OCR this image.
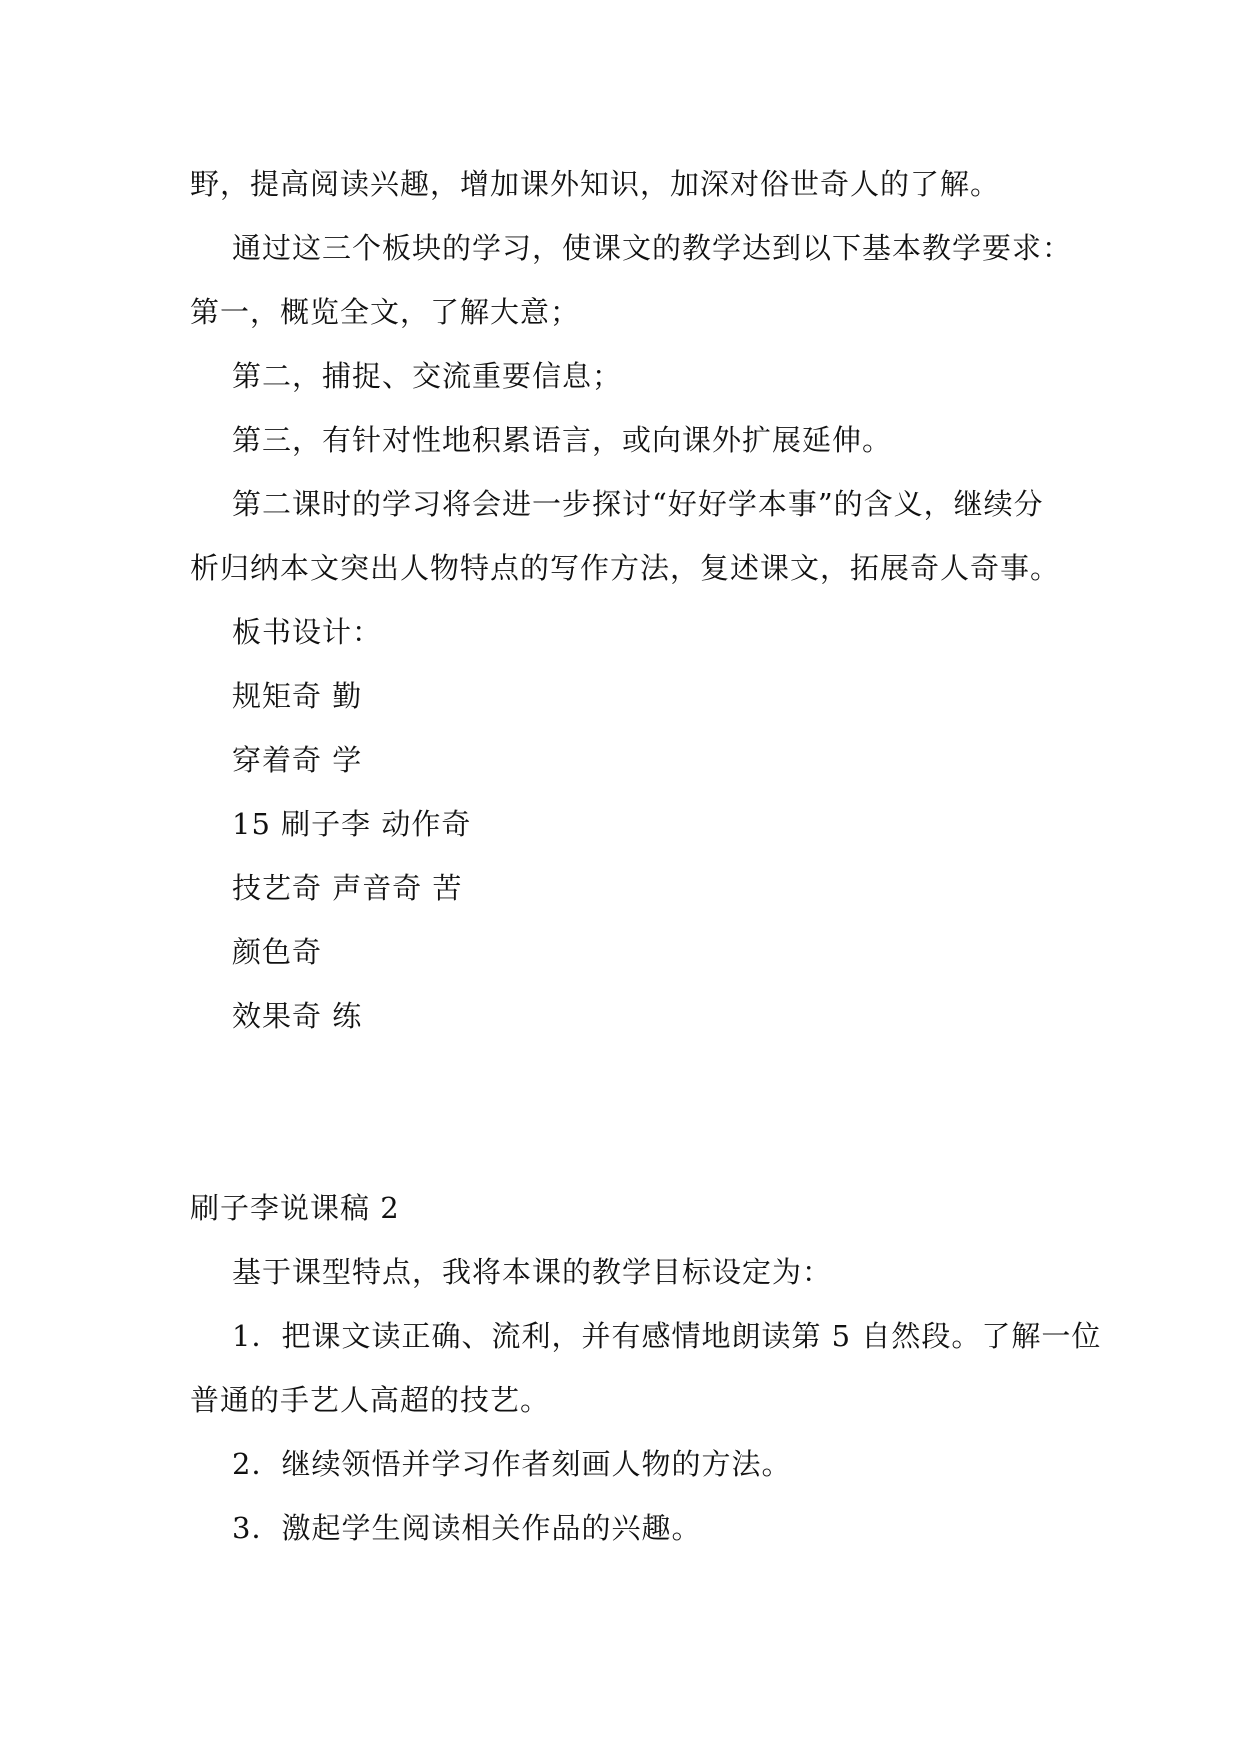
野，提高阅读兴趣，增加课外知识，加深对俗世奇人的了解。
通过这三个板块的学习，使课文的教学达到以下基本教学要求：
第一，概览全文，了解大意；
第二，捕捉、交流重要信息；
第三，有针对性地积累语言，或向课外扩展延伸。
第二课时的学习将会进一步探讨“好好学本事”的含义，继续分
析归纳本文突出人物特点的写作方法，复述课文，拓展奇人奇事。
板书设计：
规矩奇 勤
穿着奇 学
15 刷子李 动作奇
技艺奇 声音奇 苦
颜色奇
效果奇 练
刷子李说课稿 2
基于课型特点，我将本课的教学目标设定为：
1．把课文读正确、流利，并有感情地朗读第 5 自然段。了解一位
普通的手艺人高超的技艺。
2．继续领悟并学习作者刻画人物的方法。
3．激起学生阅读相关作品的兴趣。
